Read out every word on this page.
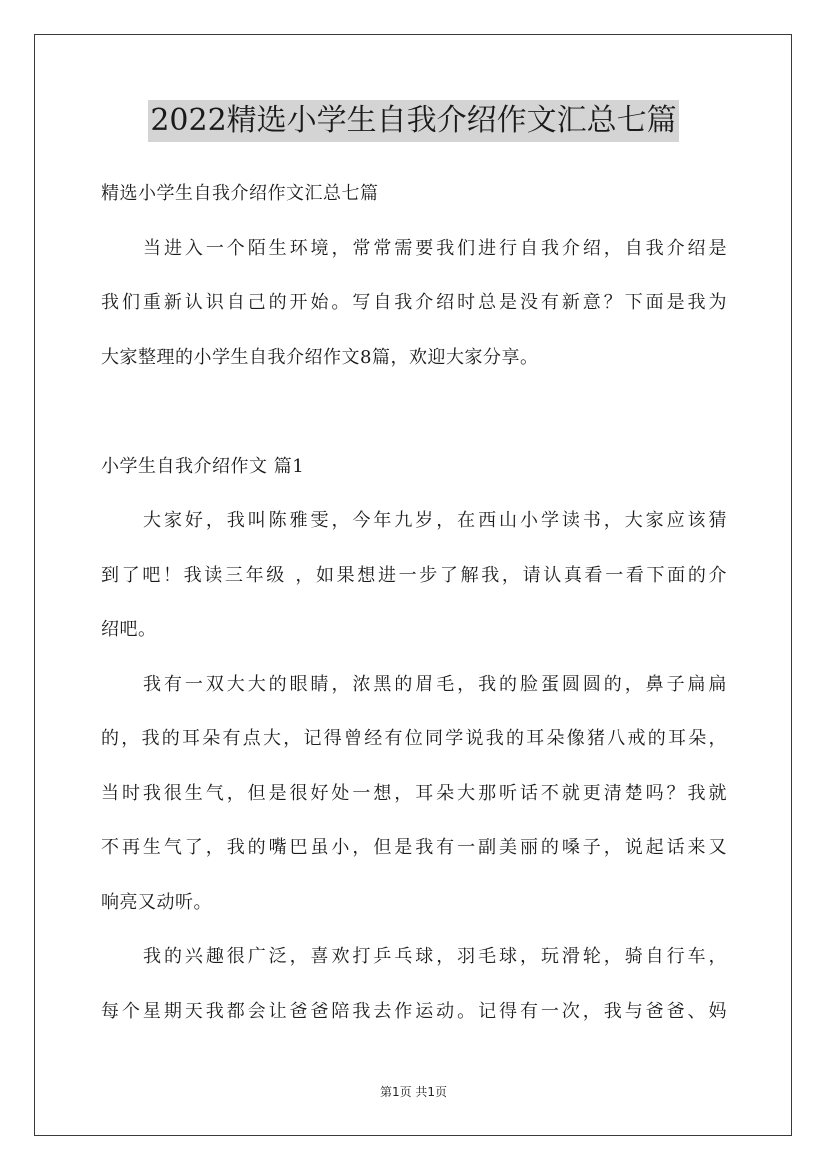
2022精选小学生自我介绍作文汇总七篇
精选小学生自我介绍作文汇总七篇
当进入一个陌生环境，常常需要我们进行自我介绍，自我介绍是
我们重新认识自己的开始。写自我介绍时总是没有新意？下面是我为
大家整理的小学生自我介绍作文8篇，欢迎大家分享。
小学生自我介绍作文 篇1
大家好，我叫陈雅雯，今年九岁，在西山小学读书，大家应该猜
到了吧！我读三年级 ，如果想进一步了解我，请认真看一看下面的介
绍吧。
我有一双大大的眼睛，浓黑的眉毛，我的脸蛋圆圆的，鼻子扁扁
的，我的耳朵有点大，记得曾经有位同学说我的耳朵像猪八戒的耳朵，
当时我很生气，但是很好处一想，耳朵大那听话不就更清楚吗？我就
不再生气了，我的嘴巴虽小，但是我有一副美丽的嗓子，说起话来又
响亮又动听。
我的兴趣很广泛，喜欢打乒乓球，羽毛球，玩滑轮，骑自行车，
每个星期天我都会让爸爸陪我去作运动。记得有一次，我与爸爸、妈
第1页 共1页
